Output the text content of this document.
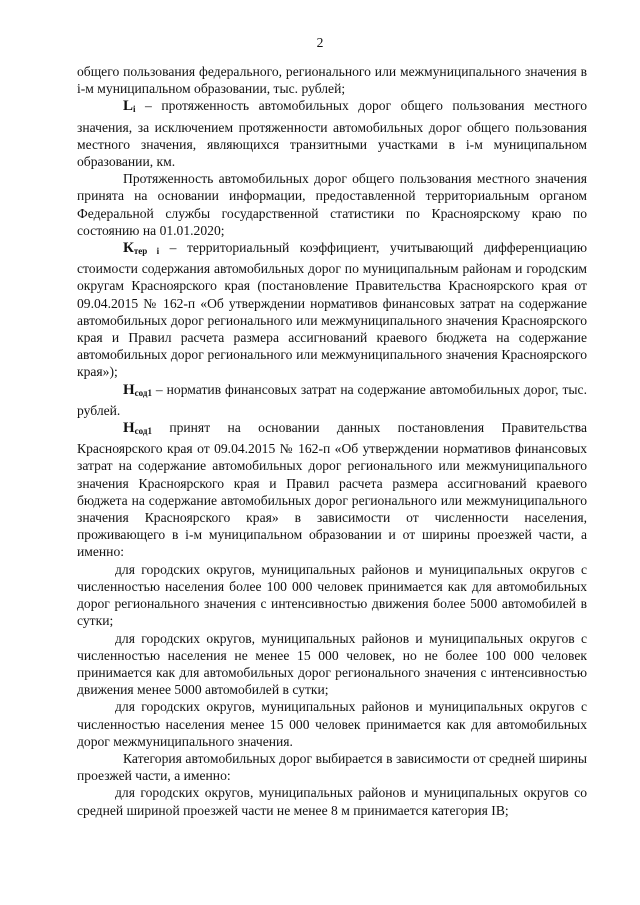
2

общего пользования федерального, регионального или межмуниципального значения в i-м муниципальном образовании, тыс. рублей;

$L_i$ – протяженность автомобильных дорог общего пользования местного значения, за исключением протяженности автомобильных дорог общего пользования местного значения, являющихся транзитными участками в i-м муниципальном образовании, км.

Протяженность автомобильных дорог общего пользования местного значения принята на основании информации, предоставленной территориальным органом Федеральной службы государственной статистики по Красноярскому краю по состоянию на 01.01.2020;

$К_{тер i}$ – территориальный коэффициент, учитывающий дифференциацию стоимости содержания автомобильных дорог по муниципальным районам и городским округам Красноярского края (постановление Правительства Красноярского края от 09.04.2015 № 162-п «Об утверждении нормативов финансовых затрат на содержание автомобильных дорог регионального или межмуниципального значения Красноярского края и Правил расчета размера ассигнований краевого бюджета на содержание автомобильных дорог регионального или межмуниципального значения Красноярского края»);

$Н_{сод1}$ – норматив финансовых затрат на содержание автомобильных дорог, тыс. рублей.

$Н_{сод1}$ принят на основании данных постановления Правительства Красноярского края от 09.04.2015 № 162-п «Об утверждении нормативов финансовых затрат на содержание автомобильных дорог регионального или межмуниципального значения Красноярского края и Правил расчета размера ассигнований краевого бюджета на содержание автомобильных дорог регионального или межмуниципального значения Красноярского края» в зависимости от численности населения, проживающего в i-м муниципальном образовании и от ширины проезжей части, а именно:

для городских округов, муниципальных районов и муниципальных округов с численностью населения более 100 000 человек принимается как для автомобильных дорог регионального значения с интенсивностью движения более 5000 автомобилей в сутки;

для городских округов, муниципальных районов и муниципальных округов с численностью населения не менее 15 000 человек, но не более 100 000 человек принимается как для автомобильных дорог регионального значения с интенсивностью движения менее 5000 автомобилей в сутки;

для городских округов, муниципальных районов и муниципальных округов с численностью населения менее 15 000 человек принимается как для автомобильных дорог межмуниципального значения.

Категория автомобильных дорог выбирается в зависимости от средней ширины проезжей части, а именно:

для городских округов, муниципальных районов и муниципальных округов со средней шириной проезжей части не менее 8 м принимается категория IВ;
